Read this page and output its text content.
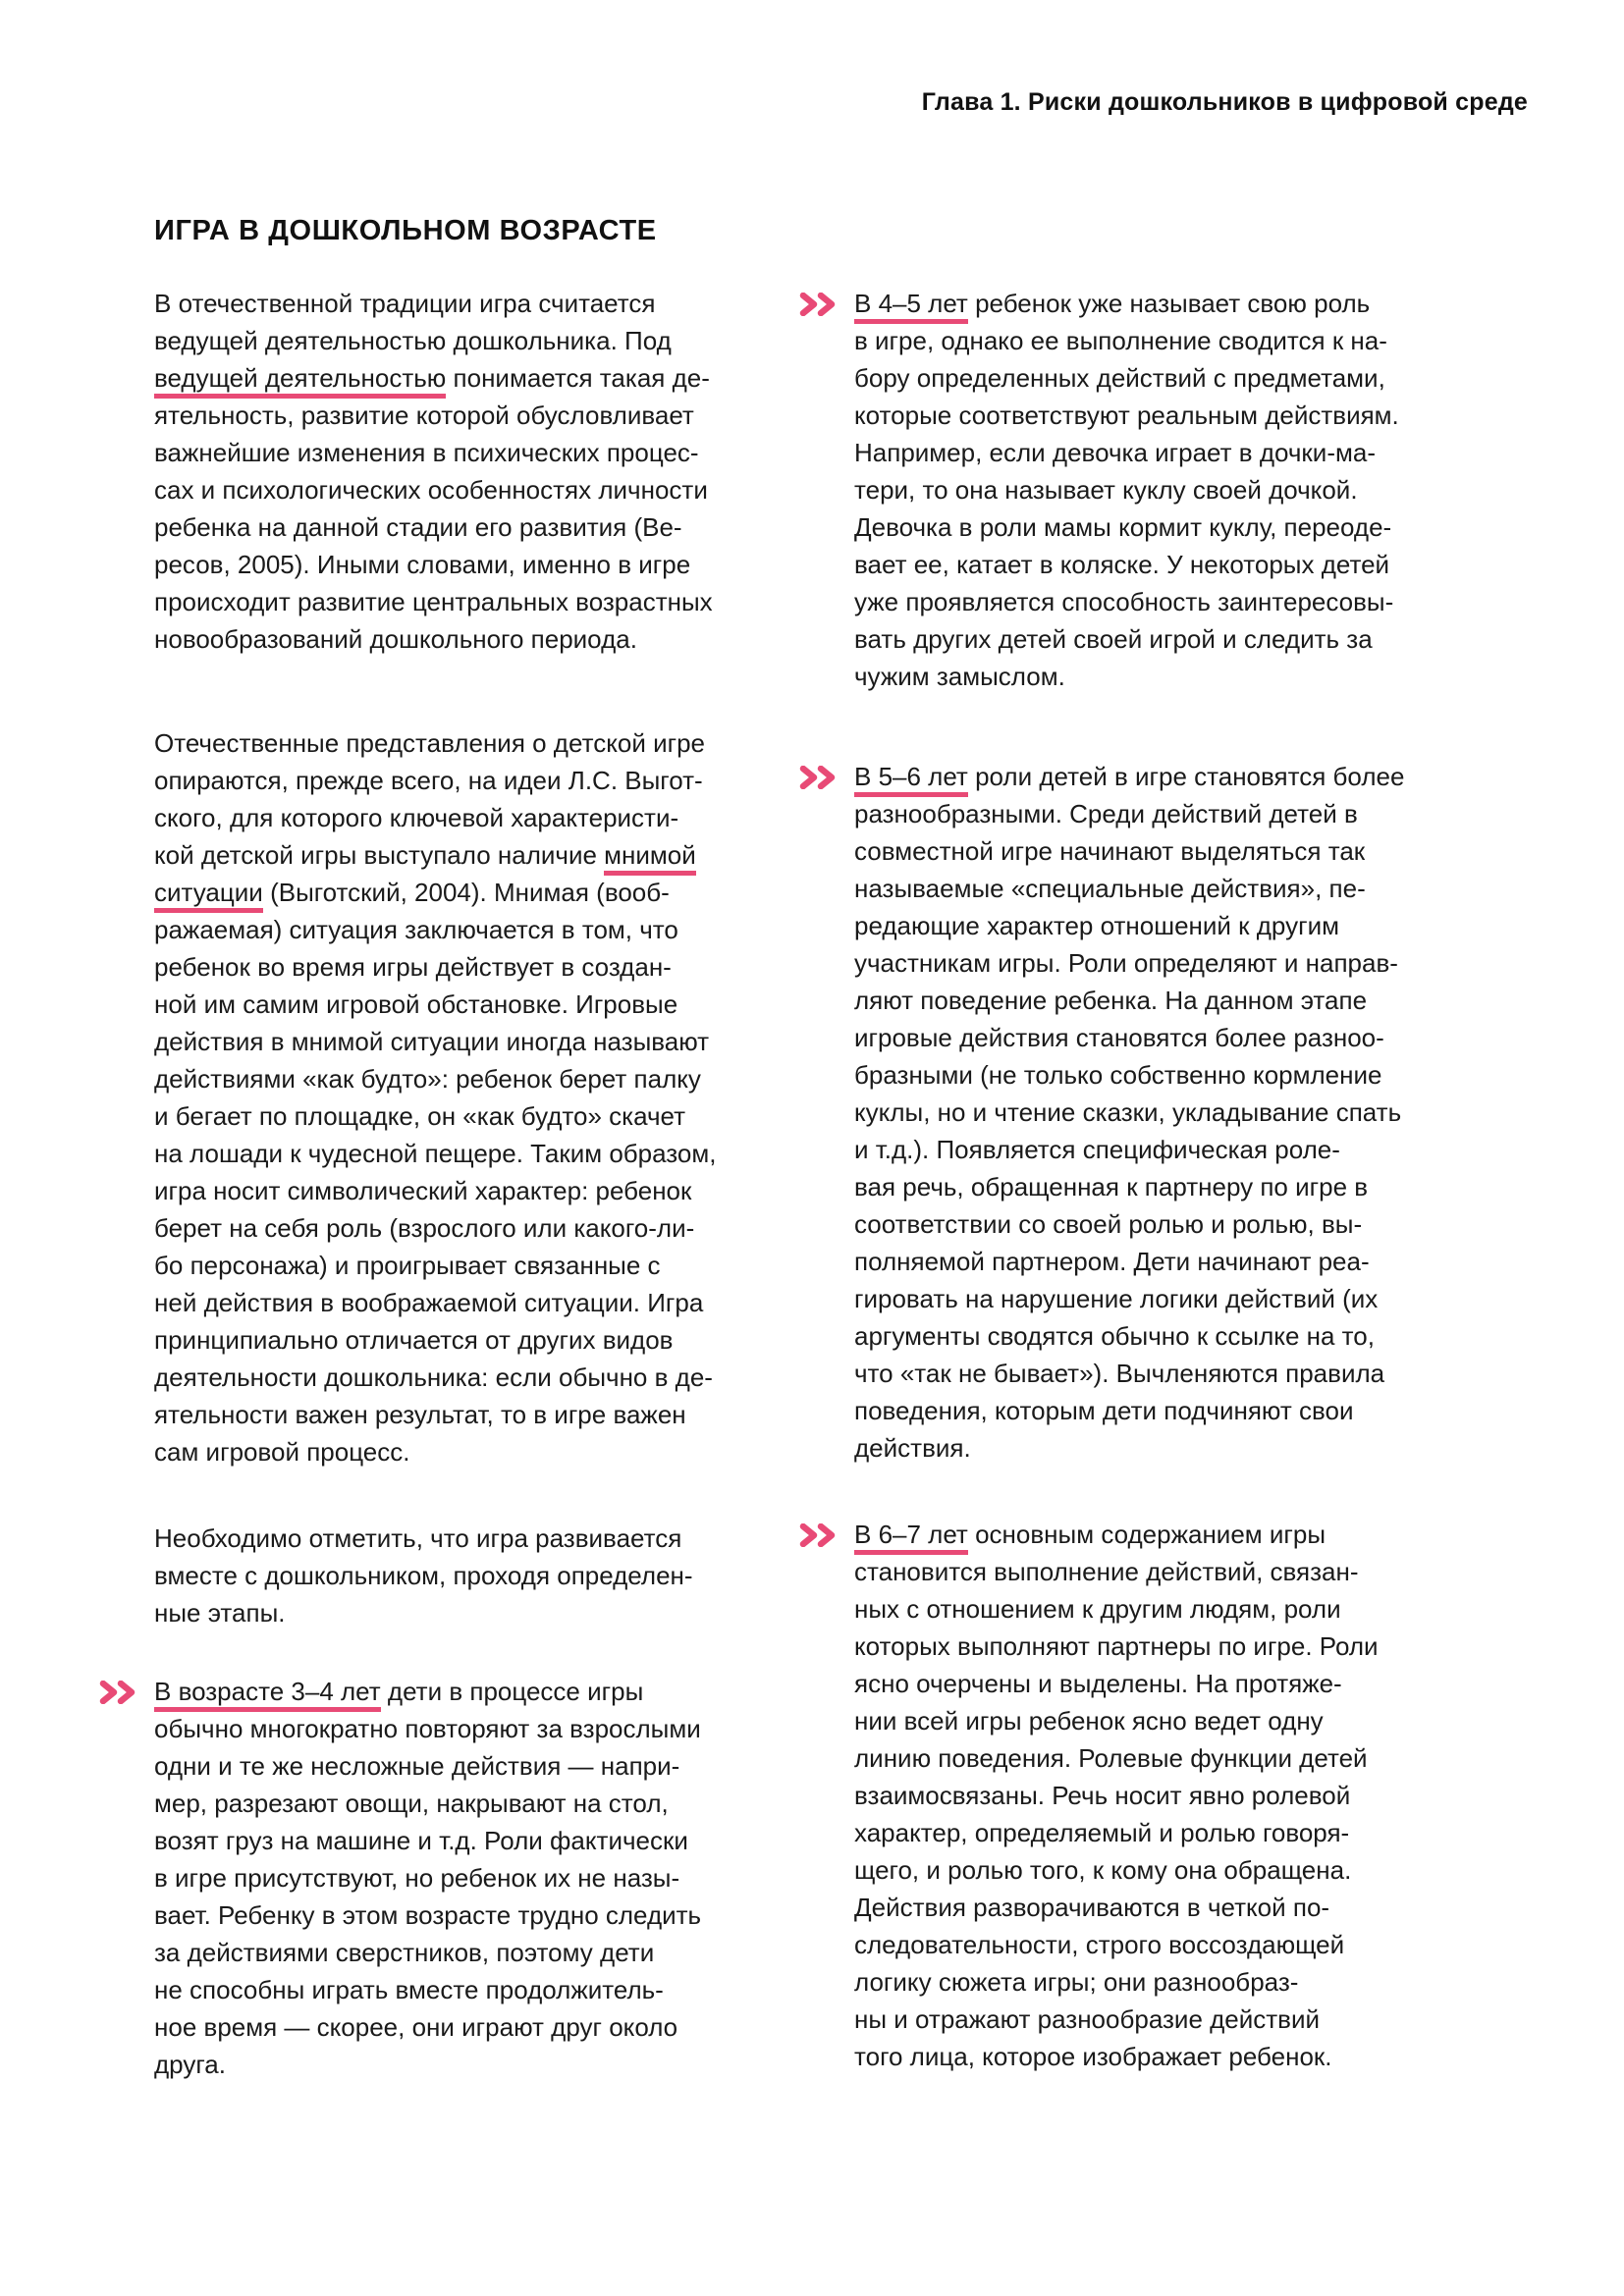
Глава 1. Риски дошкольников в цифровой среде
ИГРА В ДОШКОЛЬНОМ ВОЗРАСТЕ
В отечественной традиции игра считается
ведущей деятельностью дошкольника. Под
ведущей деятельностью понимается такая де-
ятельность, развитие которой обусловливает
важнейшие изменения в психических процес-
сах и психологических особенностях личности
ребенка на данной стадии его развития (Ве-
ресов, 2005). Иными словами, именно в игре
происходит развитие центральных возрастных
новообразований дошкольного периода.
Отечественные представления о детской игре
опираются, прежде всего, на идеи Л.С. Выгот-
ского, для которого ключевой характеристи-
кой детской игры выступало наличие мнимой
ситуации (Выготский, 2004). Мнимая (вооб-
ражаемая) ситуация заключается в том, что
ребенок во время игры действует в создан-
ной им самим игровой обстановке. Игровые
действия в мнимой ситуации иногда называют
действиями «как будто»: ребенок берет палку
и бегает по площадке, он «как будто» скачет
на лошади к чудесной пещере. Таким образом,
игра носит символический характер: ребенок
берет на себя роль (взрослого или какого-ли-
бо персонажа) и проигрывает связанные с
ней действия в воображаемой ситуации. Игра
принципиально отличается от других видов
деятельности дошкольника: если обычно в де-
ятельности важен результат, то в игре важен
сам игровой процесс.
Необходимо отметить, что игра развивается
вместе с дошкольником, проходя определен-
ные этапы.
В возрасте 3–4 лет дети в процессе игры
обычно многократно повторяют за взрослыми
одни и те же несложные действия — напри-
мер, разрезают овощи, накрывают на стол,
возят груз на машине и т.д. Роли фактически
в игре присутствуют, но ребенок их не назы-
вает. Ребенку в этом возрасте трудно следить
за действиями сверстников, поэтому дети
не способны играть вместе продолжитель-
ное время — скорее, они играют друг около
друга.
В 4–5 лет ребенок уже называет свою роль
в игре, однако ее выполнение сводится к на-
бору определенных действий с предметами,
которые соответствуют реальным действиям.
Например, если девочка играет в дочки-ма-
тери, то она называет куклу своей дочкой.
Девочка в роли мамы кормит куклу, переоде-
вает ее, катает в коляске. У некоторых детей
уже проявляется способность заинтересовы-
вать других детей своей игрой и следить за
чужим замыслом.
В 5–6 лет роли детей в игре становятся более
разнообразными. Среди действий детей в
совместной игре начинают выделяться так
называемые «специальные действия», пе-
редающие характер отношений к другим
участникам игры. Роли определяют и направ-
ляют поведение ребенка. На данном этапе
игровые действия становятся более разноо-
бразными (не только собственно кормление
куклы, но и чтение сказки, укладывание спать
и т.д.). Появляется специфическая роле-
вая речь, обращенная к партнеру по игре в
соответствии со своей ролью и ролью, вы-
полняемой партнером. Дети начинают реа-
гировать на нарушение логики действий (их
аргументы сводятся обычно к ссылке на то,
что «так не бывает»). Вычленяются правила
поведения, которым дети подчиняют свои
действия.
В 6–7 лет основным содержанием игры
становится выполнение действий, связан-
ных с отношением к другим людям, роли
которых выполняют партнеры по игре. Роли
ясно очерчены и выделены. На протяже-
нии всей игры ребенок ясно ведет одну
линию поведения. Ролевые функции детей
взаимосвязаны. Речь носит явно ролевой
характер, определяемый и ролью говоря-
щего, и ролью того, к кому она обращена.
Действия разворачиваются в четкой по-
следовательности, строго воссоздающей
логику сюжета игры; они разнообраз-
ны и отражают разнообразие действий
того лица, которое изображает ребенок.
